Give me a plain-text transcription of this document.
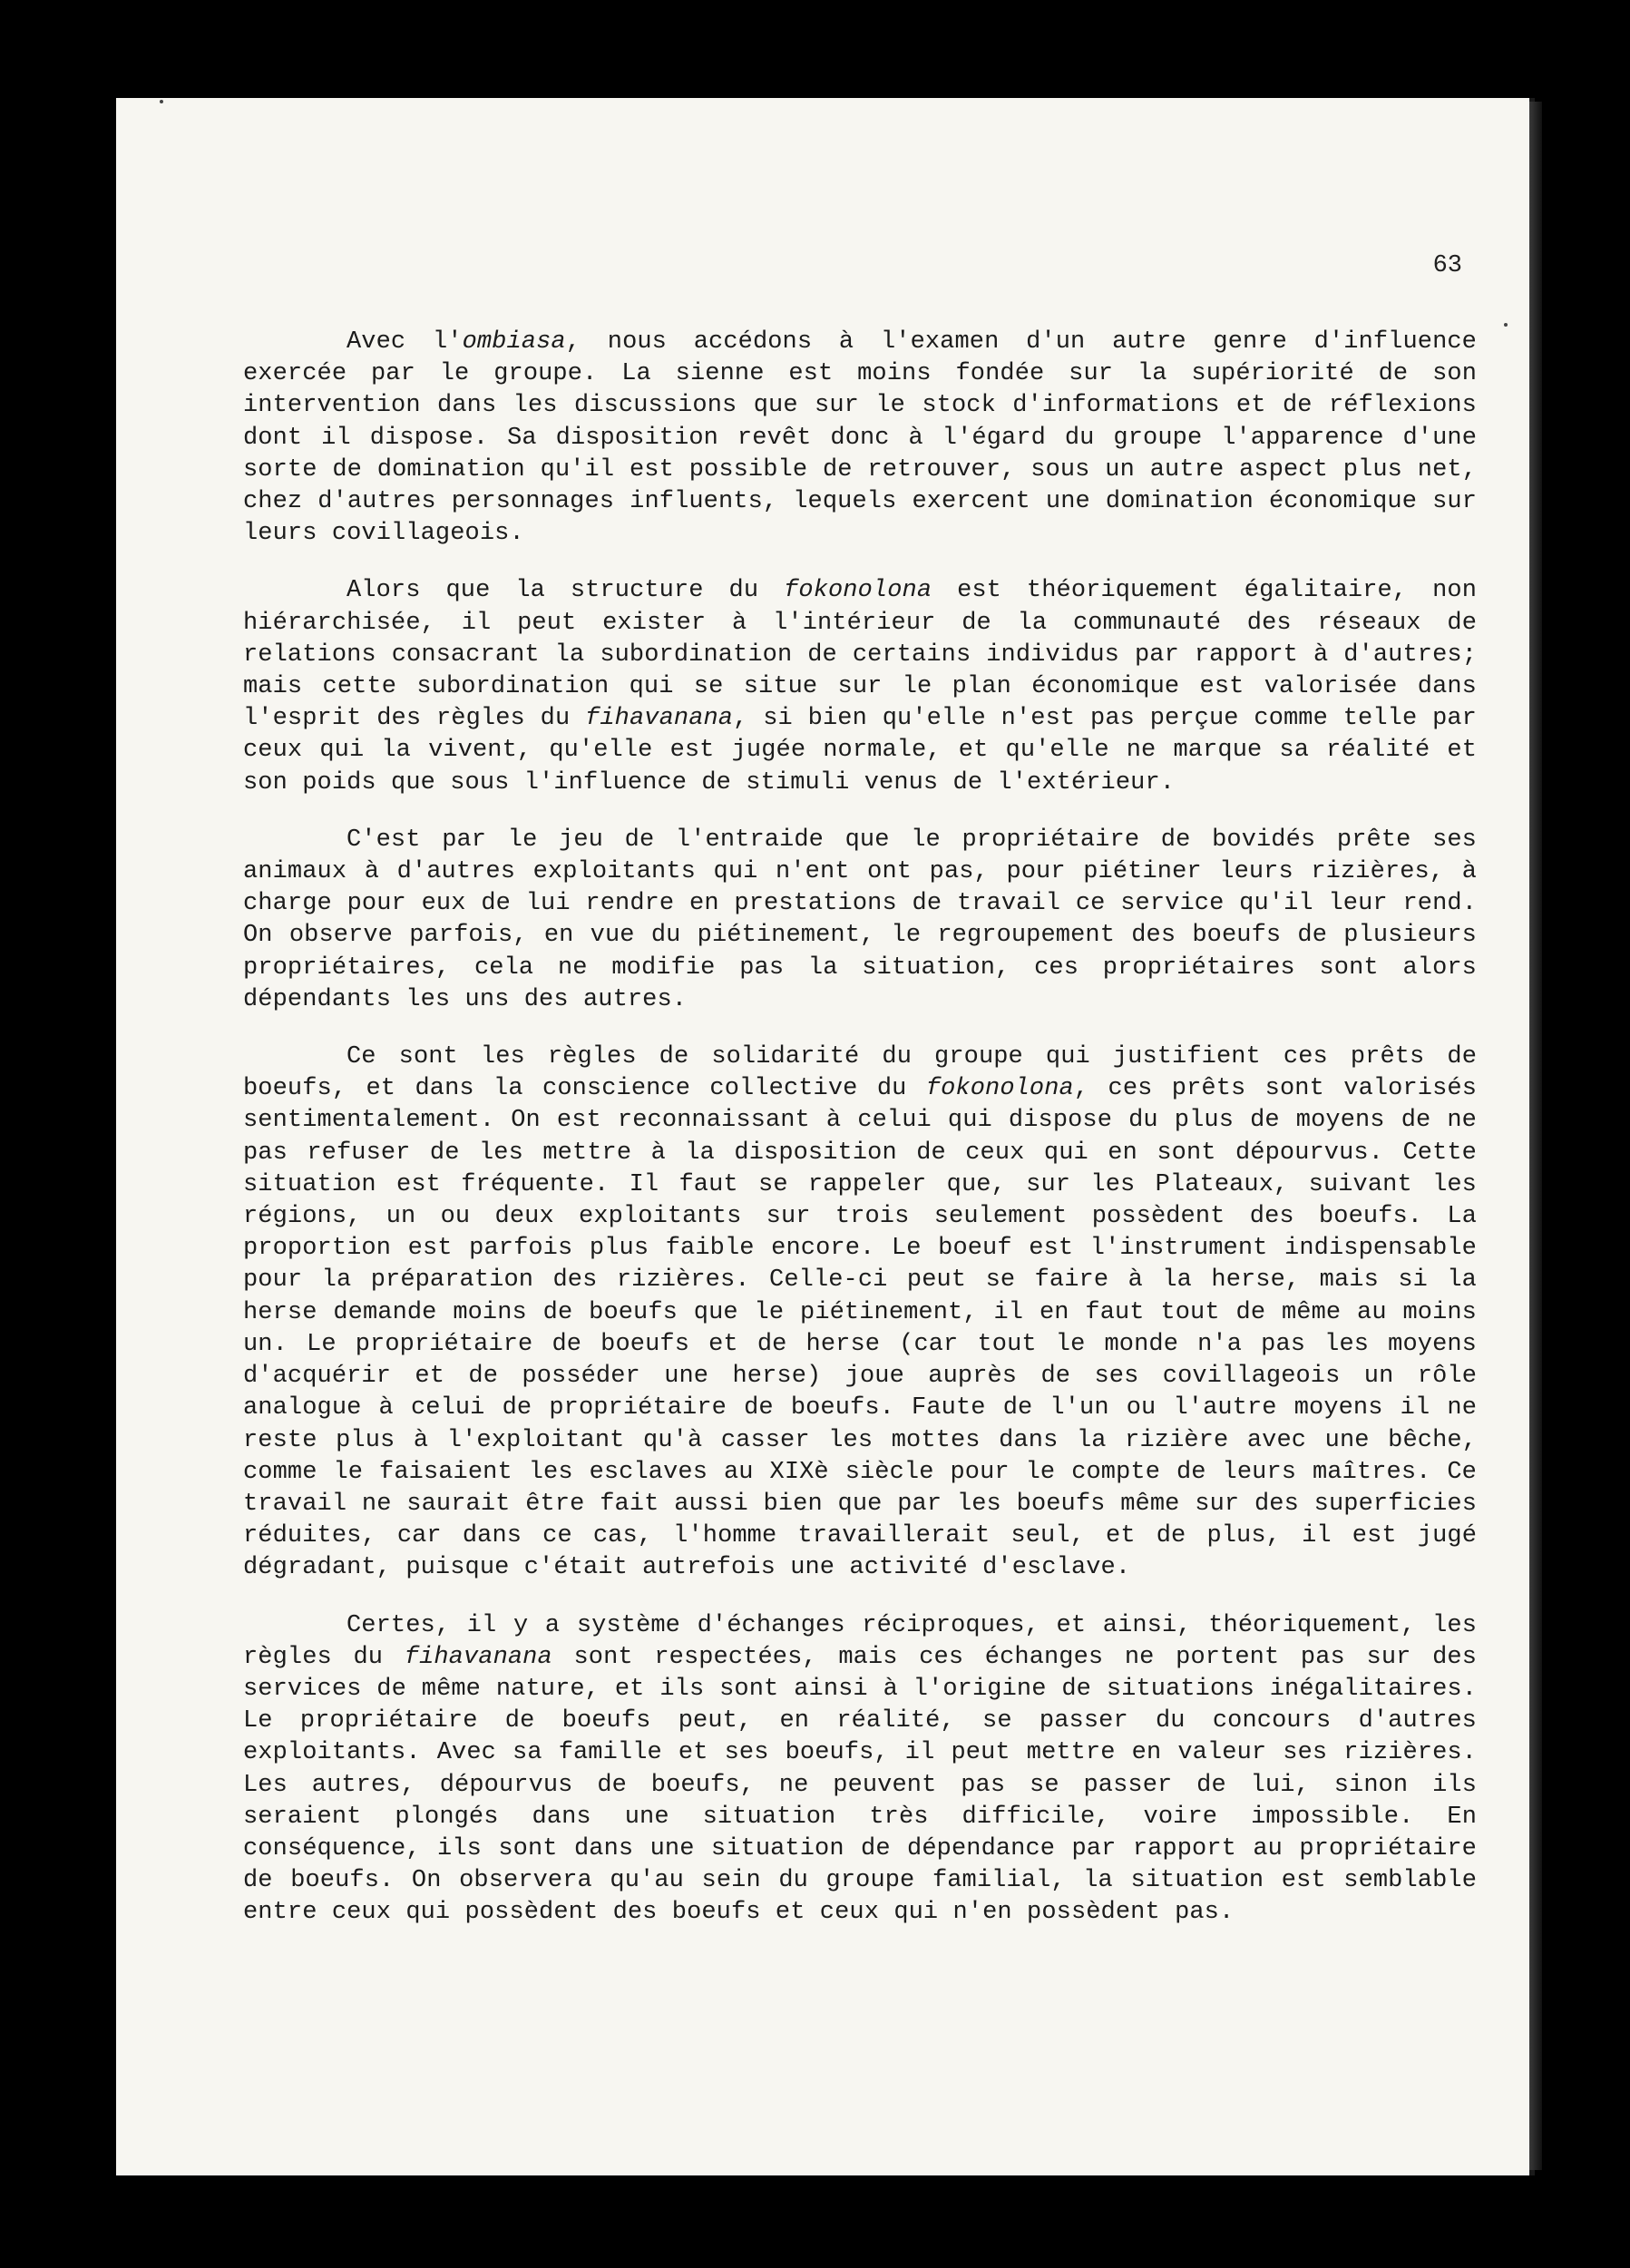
63

Avec l'ombiasa, nous accédons à l'examen d'un autre genre d'influence exercée par le groupe. La sienne est moins fondée sur la supériorité de son intervention dans les discussions que sur le stock d'informations et de réflexions dont il dispose. Sa disposition revêt donc à l'égard du groupe l'apparence d'une sorte de domination qu'il est possible de retrouver, sous un autre aspect plus net, chez d'autres personnages influents, lequels exercent une domination économique sur leurs covillageois.

Alors que la structure du fokonolona est théoriquement égalitaire, non hiérarchisée, il peut exister à l'intérieur de la communauté des réseaux de relations consacrant la subordination de certains individus par rapport à d'autres; mais cette subordination qui se situe sur le plan économique est valorisée dans l'esprit des règles du fihavanana, si bien qu'elle n'est pas perçue comme telle par ceux qui la vivent, qu'elle est jugée normale, et qu'elle ne marque sa réalité et son poids que sous l'influence de stimuli venus de l'extérieur.

C'est par le jeu de l'entraide que le propriétaire de bovidés prête ses animaux à d'autres exploitants qui n'ent ont pas, pour piétiner leurs rizières, à charge pour eux de lui rendre en prestations de travail ce service qu'il leur rend. On observe parfois, en vue du piétinement, le regroupement des boeufs de plusieurs propriétaires, cela ne modifie pas la situation, ces propriétaires sont alors dépendants les uns des autres.

Ce sont les règles de solidarité du groupe qui justifient ces prêts de boeufs, et dans la conscience collective du fokonolona, ces prêts sont valorisés sentimentalement. On est reconnaissant à celui qui dispose du plus de moyens de ne pas refuser de les mettre à la disposition de ceux qui en sont dépourvus. Cette situation est fréquente. Il faut se rappeler que, sur les Plateaux, suivant les régions, un ou deux exploitants sur trois seulement possèdent des boeufs. La proportion est parfois plus faible encore. Le boeuf est l'instrument indispensable pour la préparation des rizières. Celle-ci peut se faire à la herse, mais si la herse demande moins de boeufs que le piétinement, il en faut tout de même au moins un. Le propriétaire de boeufs et de herse (car tout le monde n'a pas les moyens d'acquérir et de posséder une herse) joue auprès de ses covillageois un rôle analogue à celui de propriétaire de boeufs. Faute de l'un ou l'autre moyens il ne reste plus à l'exploitant qu'à casser les mottes dans la rizière avec une bêche, comme le faisaient les esclaves au XIXè siècle pour le compte de leurs maîtres. Ce travail ne saurait être fait aussi bien que par les boeufs même sur des superficies réduites, car dans ce cas, l'homme travaillerait seul, et de plus, il est jugé dégradant, puisque c'était autrefois une activité d'esclave.

Certes, il y a système d'échanges réciproques, et ainsi, théoriquement, les règles du fihavanana sont respectées, mais ces échanges ne portent pas sur des services de même nature, et ils sont ainsi à l'origine de situations inégalitaires. Le propriétaire de boeufs peut, en réalité, se passer du concours d'autres exploitants. Avec sa famille et ses boeufs, il peut mettre en valeur ses rizières. Les autres, dépourvus de boeufs, ne peuvent pas se passer de lui, sinon ils seraient plongés dans une situation très difficile, voire impossible. En conséquence, ils sont dans une situation de dépendance par rapport au propriétaire de boeufs. On observera qu'au sein du groupe familial, la situation est semblable entre ceux qui possèdent des boeufs et ceux qui n'en possèdent pas.
